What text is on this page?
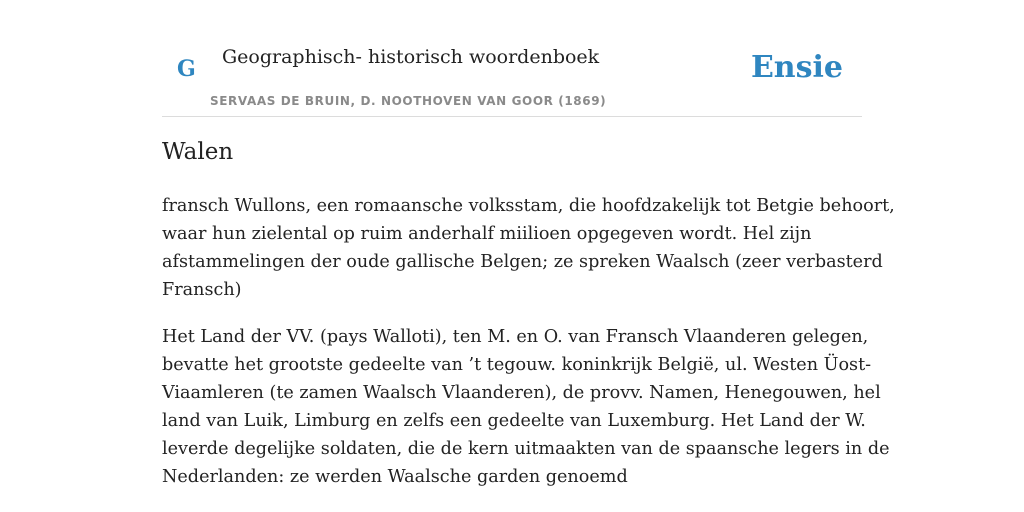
G Geographisch- historisch woordenboek
SERVAAS DE BRUIN, D. NOOTHOVEN VAN GOOR (1869)
Ensie
Walen

fransch Wullons, een romaansche volksstam, die hoofdzakelijk tot Betgie behoort,
waar hun zielental op ruim anderhalf miilioen opgegeven wordt. Hel zijn
afstammelingen der oude gallische Belgen; ze spreken Waalsch (zeer verbasterd
Fransch)

Het Land der VV. (pays Walloti), ten M. en O. van Fransch Vlaanderen gelegen,
bevatte het grootste gedeelte van ’t tegouw. koninkrijk België, ul. Westen Üost-
Viaamleren (te zamen Waalsch Vlaanderen), de provv. Namen, Henegouwen, hel
land van Luik, Limburg en zelfs een gedeelte van Luxemburg. Het Land der W.
leverde degelijke soldaten, die de kern uitmaakten van de spaansche legers in de
Nederlanden: ze werden Waalsche garden genoemd
